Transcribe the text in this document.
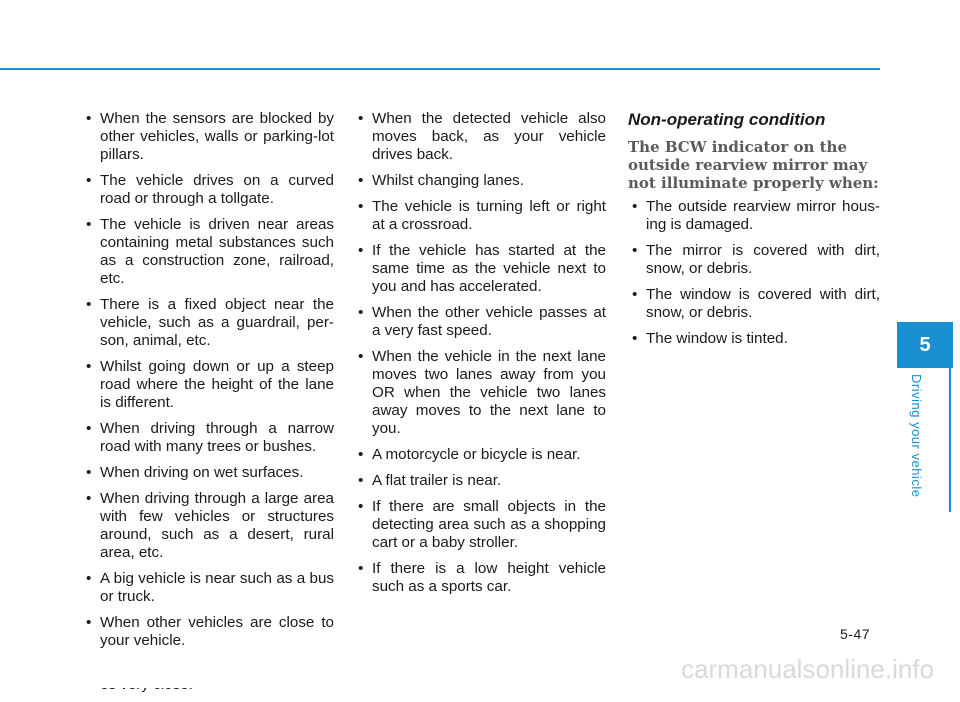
• When the sensors are blocked by other vehicles, walls or parking-lot pillars.
• The vehicle drives on a curved road or through a tollgate.
• The vehicle is driven near areas containing metal substances such as a construction zone, railroad, etc.
• There is a fixed object near the vehicle, such as a guardrail, per-son, animal, etc.
• Whilst going down or up a steep road where the height of the lane is different.
• When driving through a narrow road with many trees or bushes.
• When driving on wet surfaces.
• When driving through a large area with few vehicles or structures around, such as a desert, rural area, etc.
• A big vehicle is near such as a bus or truck.
• When other vehicles are close to your vehicle.
•
• When the detected vehicle also moves back, as your vehicle drives back.
• Whilst changing lanes.
• The vehicle is turning left or right at a crossroad.
• If the vehicle has started at the same time as the vehicle next to you and has accelerated.
• When the other vehicle passes at a very fast speed.
• When the vehicle in the next lane moves two lanes away from you OR when the vehicle two lanes away moves to the next lane to you.
• A motorcycle or bicycle is near.
• A flat trailer is near.
• If there are small objects in the detecting area such as a shopping cart or a baby stroller.
• If there is a low height vehicle such as a sports car.
Non-operating condition
The BCW indicator on the outside rearview mirror may not illuminate properly when:
• The outside rearview mirror hous-ing is damaged.
• The mirror is covered with dirt, snow, or debris.
• The window is covered with dirt, snow, or debris.
• The window is tinted.	5
Driving your vehicle
5-47
carmanualsonline.info
